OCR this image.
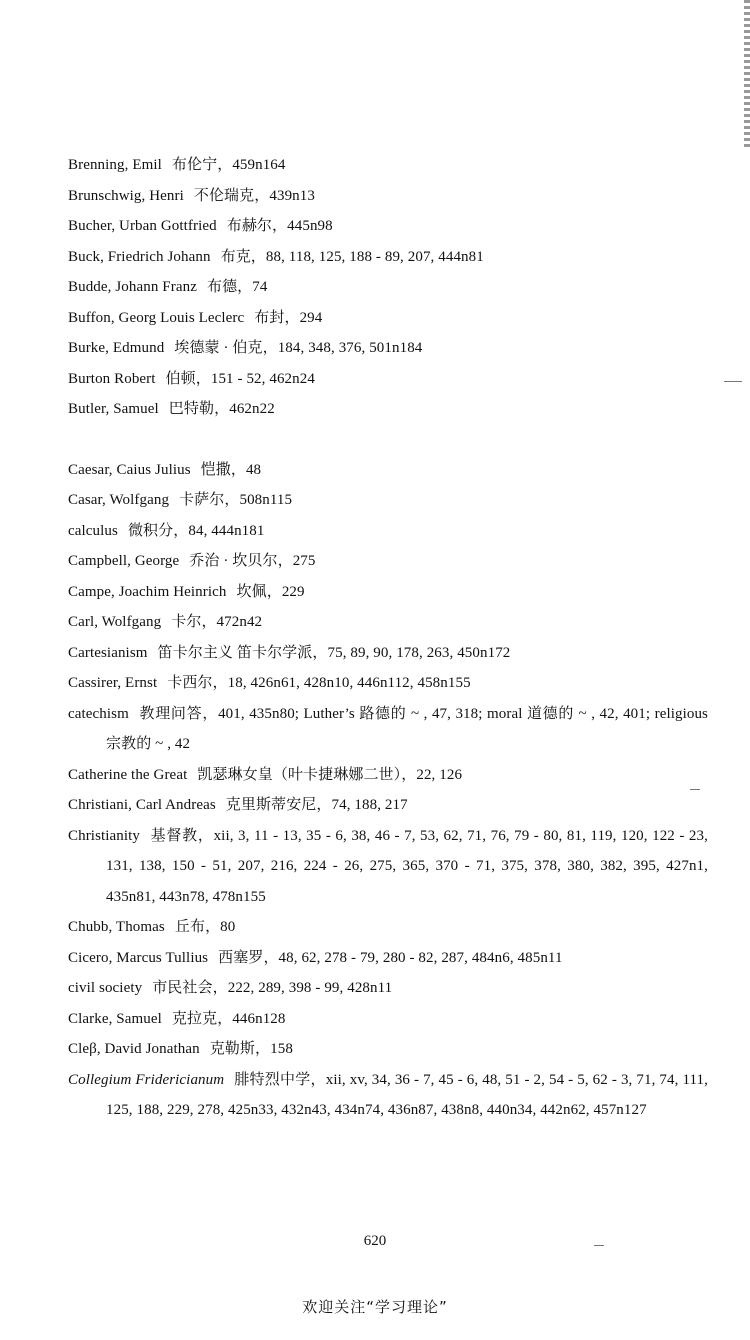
Brenning, Emil 布伦宁，459n164
Brunschwig, Henri 不伦瑞克，439n13
Bucher, Urban Gottfried 布赫尔，445n98
Buck, Friedrich Johann 布克，88, 118, 125, 188 - 89, 207, 444n81
Budde, Johann Franz 布德，74
Buffon, Georg Louis Leclerc 布封，294
Burke, Edmund 埃德蒙 · 伯克，184, 348, 376, 501n184
Burton Robert 伯顿，151 - 52, 462n24
Butler, Samuel 巴特勒，462n22
Caesar, Caius Julius 恺撒，48
Casar, Wolfgang 卡萨尔，508n115
calculus 微积分，84, 444n181
Campbell, George 乔治 · 坎贝尔，275
Campe, Joachim Heinrich 坎佩，229
Carl, Wolfgang 卡尔，472n42
Cartesianism 笛卡尔主义 笛卡尔学派，75, 89, 90, 178, 263, 450n172
Cassirer, Ernst 卡西尔，18, 426n61, 428n10, 446n112, 458n155
catechism 教理问答，401, 435n80; Luther’s 路德的 ~ , 47, 318; moral 道德的 ~ , 42, 401; religious 宗教的 ~ , 42
Catherine the Great 凯瑟琳女皇（叶卡捷琳娜二世），22, 126
Christiani, Carl Andreas 克里斯蒂安尼，74, 188, 217
Christianity 基督教，xii, 3, 11 - 13, 35 - 6, 38, 46 - 7, 53, 62, 71, 76, 79 - 80, 81, 119, 120, 122 - 23, 131, 138, 150 - 51, 207, 216, 224 - 26, 275, 365, 370 - 71, 375, 378, 380, 382, 395, 427n1, 435n81, 443n78, 478n155
Chubb, Thomas 丘布，80
Cicero, Marcus Tullius 西塞罗，48, 62, 278 - 79, 280 - 82, 287, 484n6, 485n11
civil society 市民社会，222, 289, 398 - 99, 428n11
Clarke, Samuel 克拉克，446n128
Cleβ, David Jonathan 克勒斯，158
Collegium Fridericianum 腓特烈中学，xii, xv, 34, 36 - 7, 45 - 6, 48, 51 - 2, 54 - 5, 62 - 3, 71, 74, 111, 125, 188, 229, 278, 425n33, 432n43, 434n74, 436n87, 438n8, 440n34, 442n62, 457n127
620
欢迎关注“学习理论”
